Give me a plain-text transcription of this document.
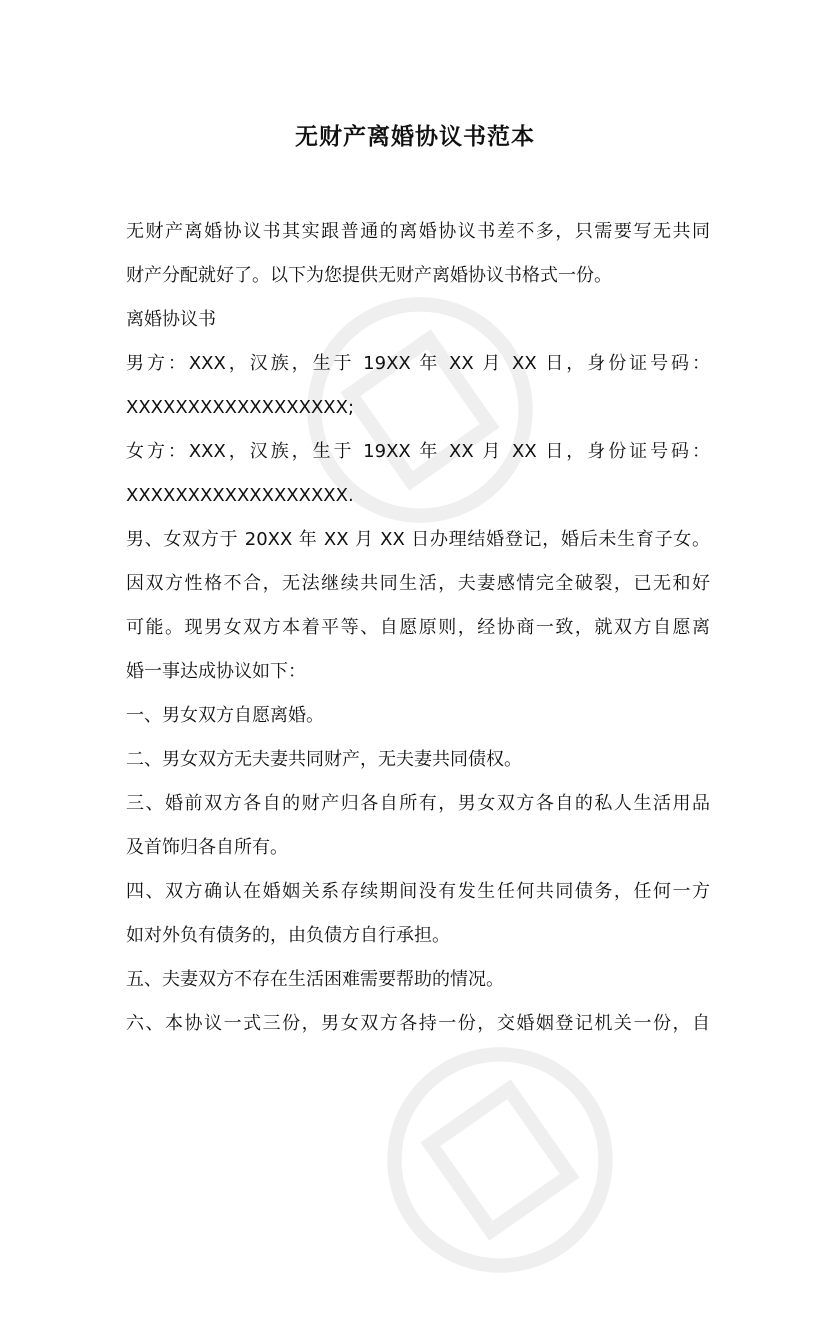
无财产离婚协议书范本
无财产离婚协议书其实跟普通的离婚协议书差不多，只需要写无共同
财产分配就好了。以下为您提供无财产离婚协议书格式一份。
离婚协议书
男方：XXX，汉族，生于 19XX 年 XX 月 XX 日，身份证号码：
XXXXXXXXXXXXXXXXXX;
女方：XXX，汉族，生于 19XX 年 XX 月 XX 日，身份证号码：
XXXXXXXXXXXXXXXXXX.
男、女双方于 20XX 年 XX 月 XX 日办理结婚登记，婚后未生育子女。
因双方性格不合，无法继续共同生活，夫妻感情完全破裂，已无和好
可能。现男女双方本着平等、自愿原则，经协商一致，就双方自愿离
婚一事达成协议如下：
一、男女双方自愿离婚。
二、男女双方无夫妻共同财产，无夫妻共同债权。
三、婚前双方各自的财产归各自所有，男女双方各自的私人生活用品
及首饰归各自所有。
四、双方确认在婚姻关系存续期间没有发生任何共同债务，任何一方
如对外负有债务的，由负债方自行承担。
五、夫妻双方不存在生活困难需要帮助的情况。
六、本协议一式三份，男女双方各持一份，交婚姻登记机关一份，自
